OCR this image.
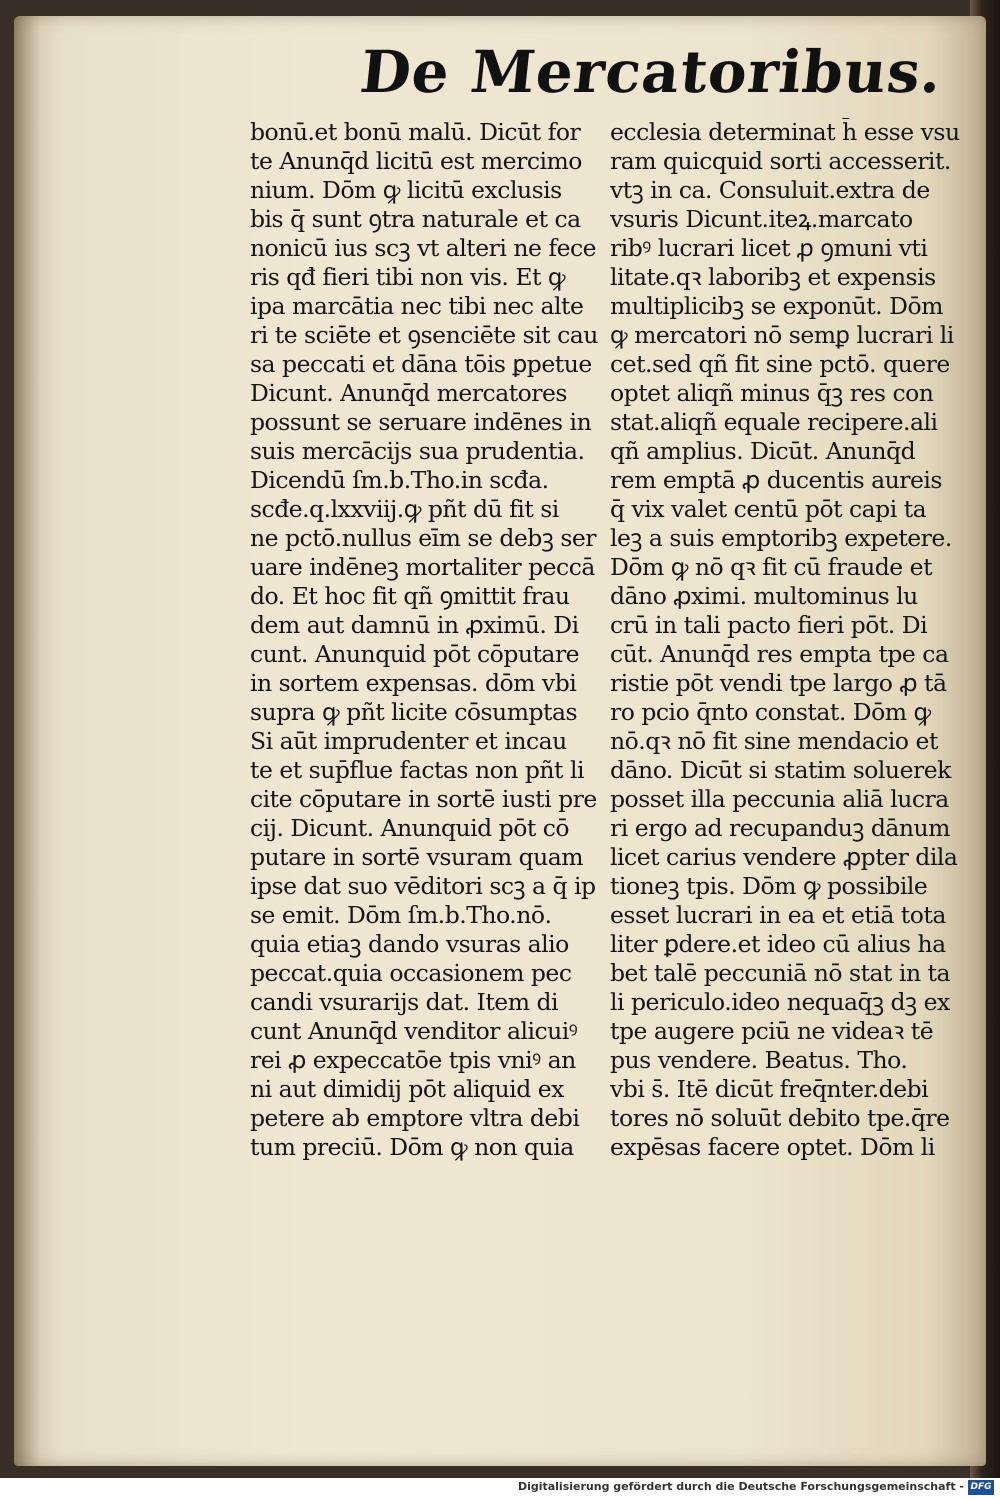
De Mercatoribus.
bonū.et bonū malū. Dicūt for
te Anunq̄d licitū est mercimo
nium. Dōm ꝙ licitū exclusis
bis q̄ sunt ꝯtra naturale et ca
nonicū ius scꝫ vt alteri ne fece
ris qđ fieri tibi non vis. Et ꝙ
ipa marcātia nec tibi nec alte
ri te sciēte et ꝯsenciēte sit cau
sa peccati et dāna tōis ꝑpetue
Dicunt. Anunq̄d mercatores
possunt se seruare indēnes in
suis mercācijs sua prudentia.
Dicendū ſm.b.Tho.in scđa.
scđe.q.lxxviij.ꝙ pñt dū fit si
ne pctō.nullus eīm se debꝫ ser
uare indēneꝫ mortaliter peccā
do. Et hoc fit qñ ꝯmittit frau
dem aut damnū in ꝓximū. Di
cunt. Anunquid pōt cōputare
in sortem expensas. dōm vbi
supra ꝙ pñt licite cōsumptas
Si aūt imprudenter et incau
te et sup̄flue factas non pñt li
cite cōputare in sortē iusti pre
cij. Dicunt. Anunquid pōt cō
putare in sortē vsuram quam
ipse dat suo vēditori scꝫ a q̄ ip
se emit. Dōm ſm.b.Tho.nō.
quia etiaꝫ dando vsuras alio
peccat.quia occasionem pec
candi vsurarijs dat. Item di
cunt Anunq̄d venditor alicuiꝰ
rei ꝓ expeccatōe tpis vniꝰ an
ni aut dimidij pōt aliquid ex
petere ab emptore vltra debi
tum preciū. Dōm ꝙ non quia
ecclesia determinat h̄ esse vsu
ram quicquid sorti accesserit.
vtꝫ in ca. Consuluit.extra de
vsuris Dicunt.iteꝝ.marcato
ribꝰ lucrari licet ꝓ ꝯmuni vti
litate.qꝛ laboribꝫ et expensis
multiplicibꝫ se exponūt. Dōm
ꝙ mercatori nō semꝑ lucrari li
cet.sed qñ fit sine pctō. quere
optet aliqñ minus q̄ꝫ res con
stat.aliqñ equale recipere.ali
qñ amplius. Dicūt. Anunq̄d
rem emptā ꝓ ducentis aureis
q̄ vix valet centū pōt capi ta
leꝫ a suis emptoribꝫ expetere.
Dōm ꝙ nō qꝛ fit cū fraude et
dāno ꝓximi. multominus lu
crū in tali pacto fieri pōt. Di
cūt. Anunq̄d res empta tpe ca
ristie pōt vendi tpe largo ꝓ tā
ro pcio q̄nto constat. Dōm ꝙ
nō.qꝛ nō fit sine mendacio et
dāno. Dicūt si statim soluerek
posset illa peccunia aliā lucra
ri ergo ad recupanduꝫ dānum
licet carius vendere ꝓpter dila
tioneꝫ tpis. Dōm ꝙ possibile
esset lucrari in ea et etiā tota
liter ꝑdere.et ideo cū alius ha
bet talē peccuniā nō stat in ta
li periculo.ideo nequaq̄ꝫ dꝫ ex
tpe augere pciū ne videaꝛ tē
pus vendere. Beatus. Tho.
vbi s̄. Itē dicūt freq̄nter.debi
tores nō soluūt debito tpe.q̄re
expēsas facere optet. Dōm li
Digitalisierung gefördert durch die Deutsche Forschungsgemeinschaft - DFG
